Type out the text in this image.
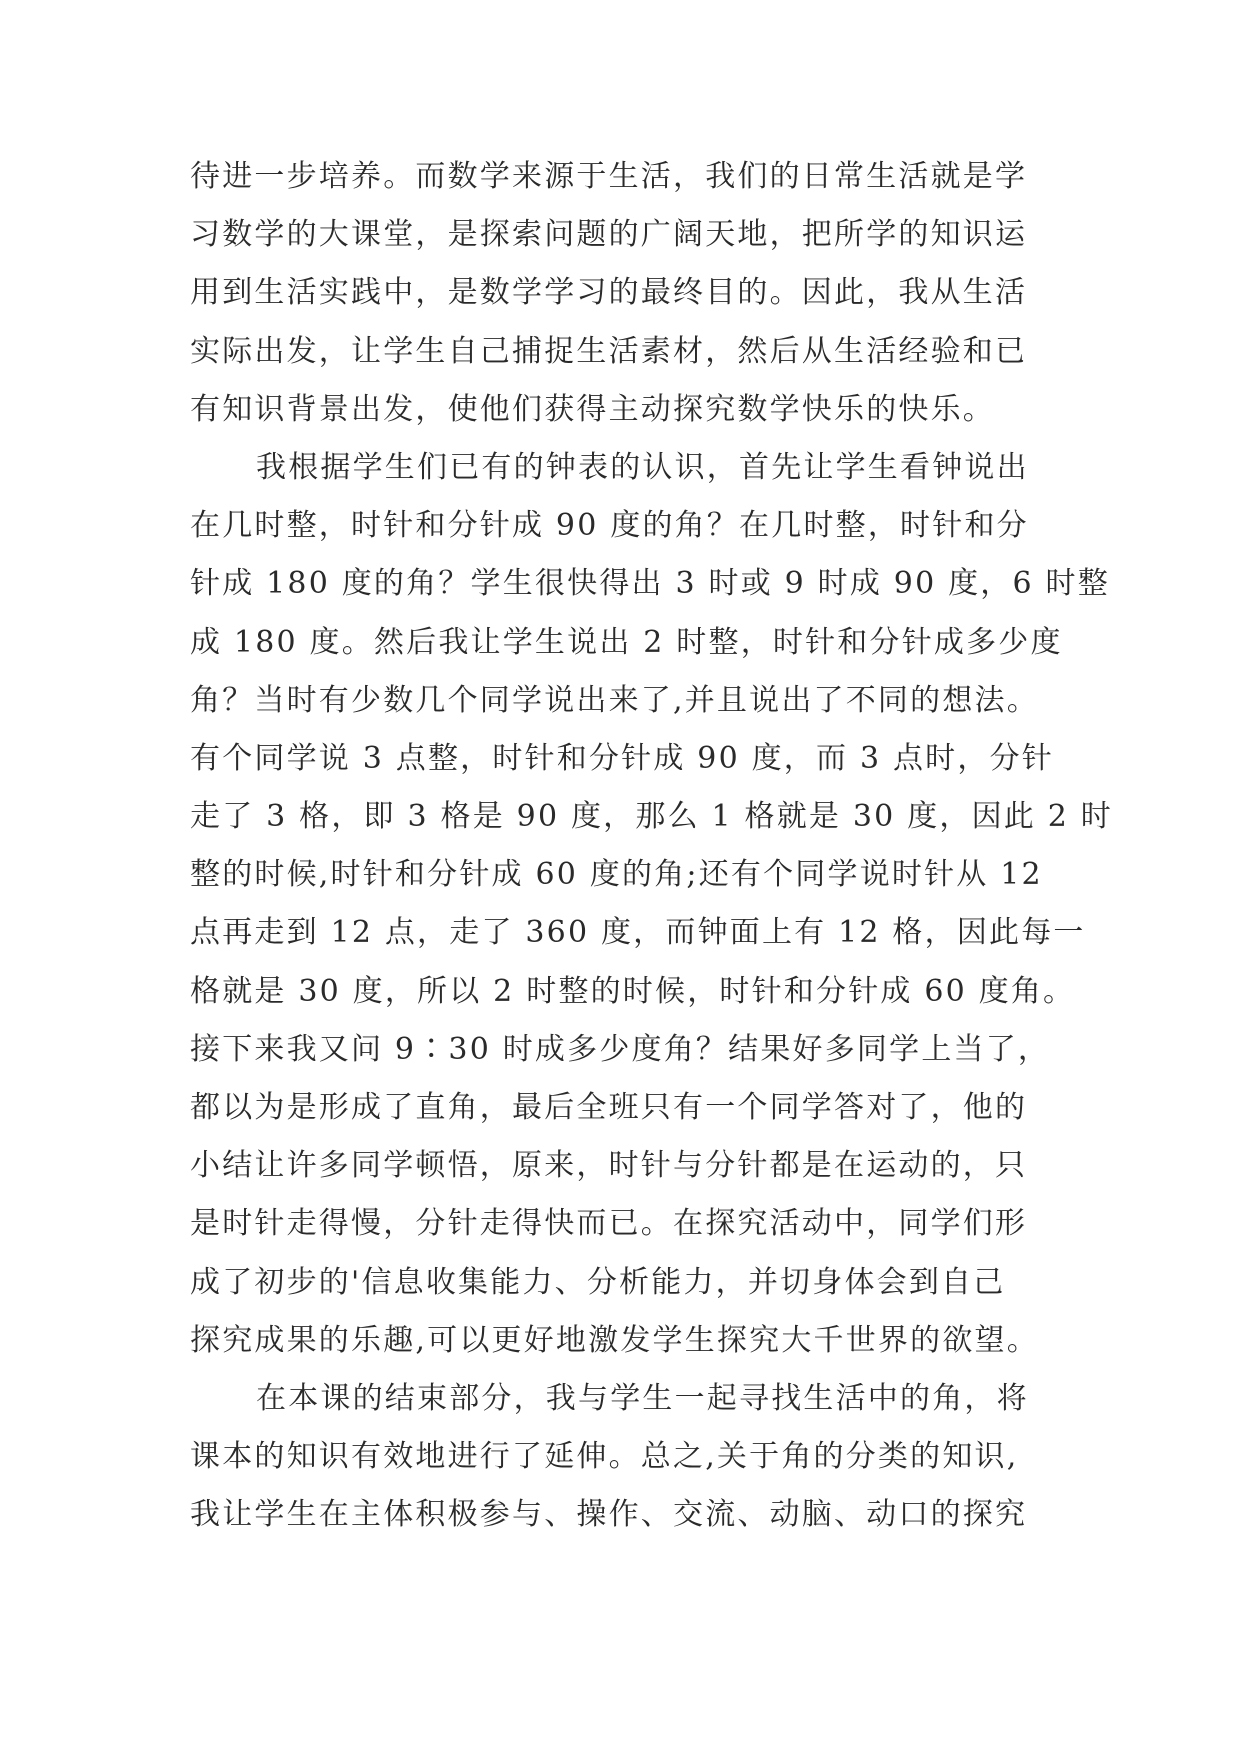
待进一步培养。而数学来源于生活，我们的日常生活就是学
习数学的大课堂，是探索问题的广阔天地，把所学的知识运
用到生活实践中，是数学学习的最终目的。因此，我从生活
实际出发，让学生自己捕捉生活素材，然后从生活经验和已
有知识背景出发，使他们获得主动探究数学快乐的快乐。
我根据学生们已有的钟表的认识，首先让学生看钟说出
在几时整，时针和分针成 90 度的角？在几时整，时针和分
针成 180 度的角？学生很快得出 3 时或 9 时成 90 度，6 时整
成 180 度。然后我让学生说出 2 时整，时针和分针成多少度
角？当时有少数几个同学说出来了,并且说出了不同的想法。
有个同学说 3 点整，时针和分针成 90 度，而 3 点时，分针
走了 3 格，即 3 格是 90 度，那么 1 格就是 30 度，因此 2 时
整的时候,时针和分针成 60 度的角;还有个同学说时针从 12
点再走到 12 点，走了 360 度，而钟面上有 12 格，因此每一
格就是 30 度，所以 2 时整的时候，时针和分针成 60 度角。
接下来我又问 9∶30 时成多少度角？结果好多同学上当了，
都以为是形成了直角，最后全班只有一个同学答对了，他的
小结让许多同学顿悟，原来，时针与分针都是在运动的，只
是时针走得慢，分针走得快而已。在探究活动中，同学们形
成了初步的'信息收集能力、分析能力，并切身体会到自己
探究成果的乐趣,可以更好地激发学生探究大千世界的欲望。
在本课的结束部分，我与学生一起寻找生活中的角，将
课本的知识有效地进行了延伸。总之,关于角的分类的知识,
我让学生在主体积极参与、操作、交流、动脑、动口的探究
